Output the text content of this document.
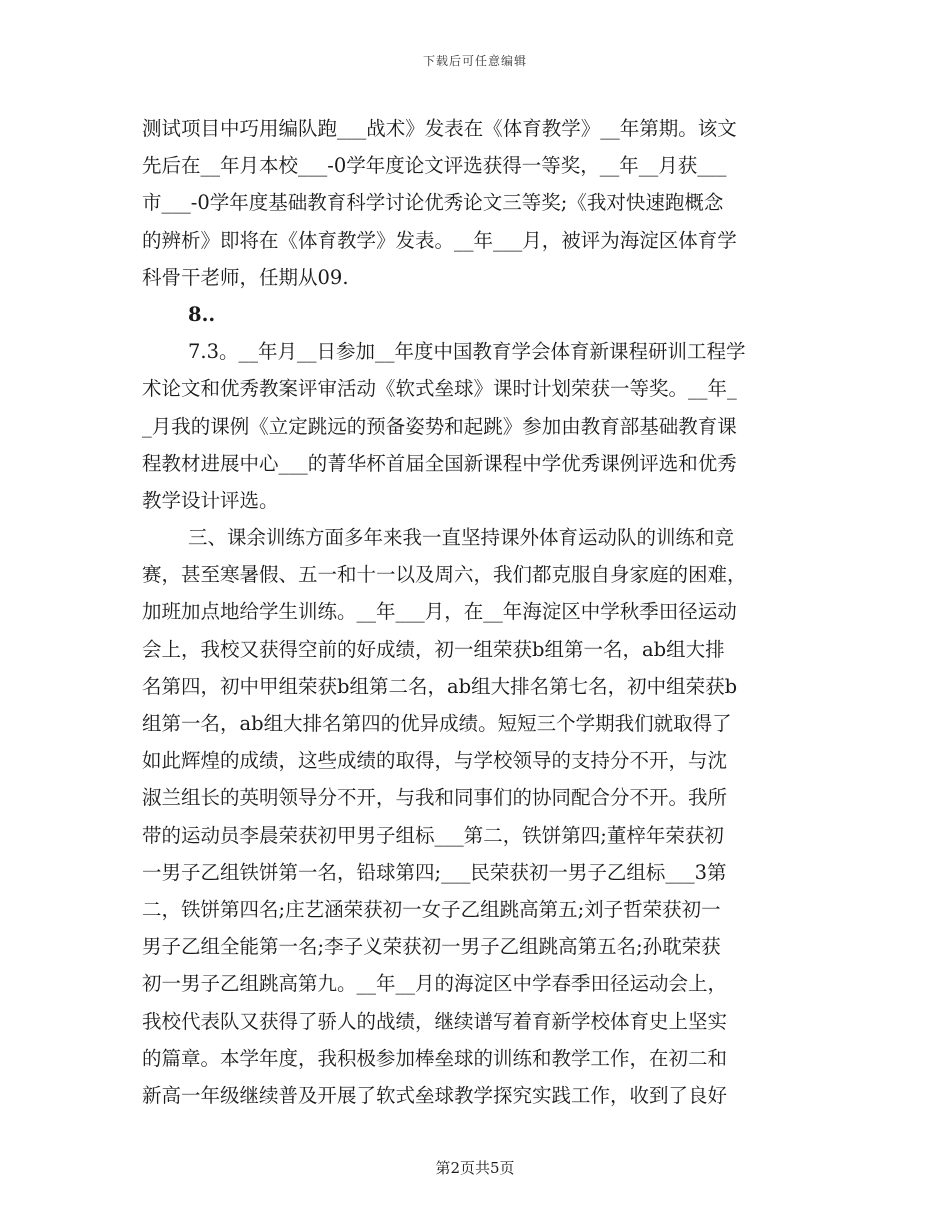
下载后可任意编辑
测试项目中巧用编队跑___战术》发表在《体育教学》__年第期。该文
先后在__年月本校___-0学年度论文评选获得一等奖，__年__月获___
市___-0学年度基础教育科学讨论优秀论文三等奖;《我对快速跑概念
的辨析》即将在《体育教学》发表。__年___月，被评为海淀区体育学
科骨干老师，任期从09.
8..
7.3。__年月__日参加__年度中国教育学会体育新课程研训工程学
术论文和优秀教案评审活动《软式垒球》课时计划荣获一等奖。__年_
_月我的课例《立定跳远的预备姿势和起跳》参加由教育部基础教育课
程教材进展中心___的菁华杯首届全国新课程中学优秀课例评选和优秀
教学设计评选。
三、课余训练方面多年来我一直坚持课外体育运动队的训练和竞
赛，甚至寒暑假、五一和十一以及周六，我们都克服自身家庭的困难，
加班加点地给学生训练。__年___月，在__年海淀区中学秋季田径运动
会上，我校又获得空前的好成绩，初一组荣获b组第一名，ab组大排
名第四，初中甲组荣获b组第二名，ab组大排名第七名，初中组荣获b
组第一名，ab组大排名第四的优异成绩。短短三个学期我们就取得了
如此辉煌的成绩，这些成绩的取得，与学校领导的支持分不开，与沈
淑兰组长的英明领导分不开，与我和同事们的协同配合分不开。我所
带的运动员李晨荣获初甲男子组标___第二，铁饼第四;董梓年荣获初
一男子乙组铁饼第一名，铅球第四;___民荣获初一男子乙组标___3第
二，铁饼第四名;庄艺涵荣获初一女子乙组跳高第五;刘子哲荣获初一
男子乙组全能第一名;李子义荣获初一男子乙组跳高第五名;孙耽荣获
初一男子乙组跳高第九。__年__月的海淀区中学春季田径运动会上，
我校代表队又获得了骄人的战绩，继续谱写着育新学校体育史上坚实
的篇章。本学年度，我积极参加棒垒球的训练和教学工作，在初二和
新高一年级继续普及开展了软式垒球教学探究实践工作，收到了良好
第2页共5页
